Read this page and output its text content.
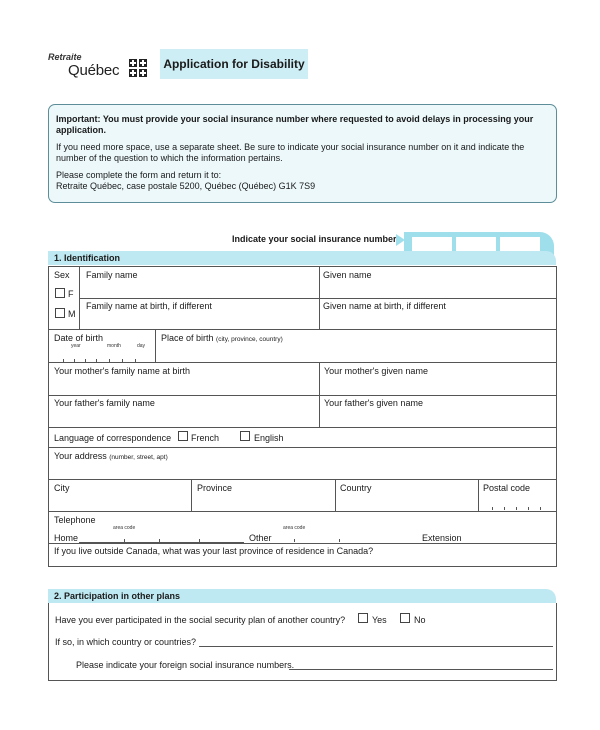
Retraite
Québec	Application for Disability

Important: You must provide your social insurance number where requested to avoid delays in processing your application.

If you need more space, use a separate sheet. Be sure to indicate your social insurance number on it and indicate the number of the question to which the information pertains.

Please complete the form and return it to:
Retraite Québec, case postale 5200, Québec (Québec) G1K 7S9
Indicate your social insurance number
1. Identification
Sex
F
M
Family name	Given name
Family name at birth, if different	Given name at birth, if different
Date of birth
year	month	day
Place of birth (city, province, country)
Your mother's family name at birth	Your mother's given name
Your father's family name	Your father's given name
Language of correspondence French	English
Your address (number, street, apt)
City	Province	Country	Postal code
Telephone
area code	area code
Home	Other	Extension
If you live outside Canada, what was your last province of residence in Canada?
2. Participation in other plans
Have you ever participated in the social security plan of another country?	Yes	No
If so, in which country or countries?
Please indicate your foreign social insurance numbers.
